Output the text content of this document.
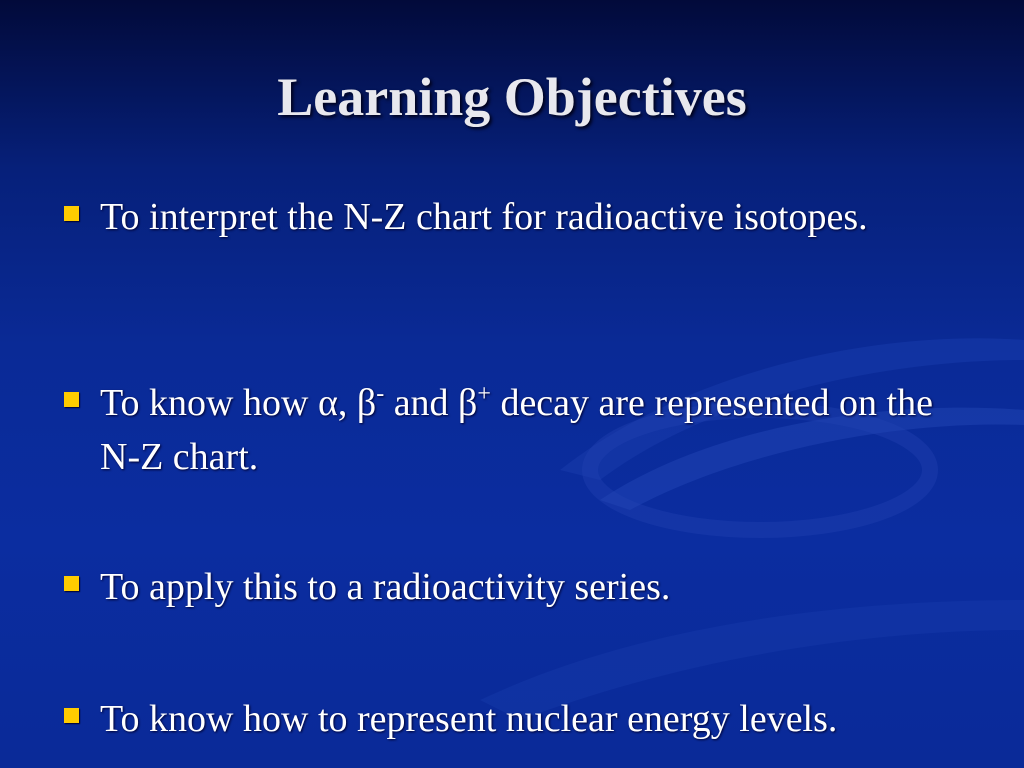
Learning Objectives
To interpret the N-Z chart for radioactive isotopes.
To know how α, β- and β+ decay are represented on the N-Z chart.
To apply this to a radioactivity series.
To know how to represent nuclear energy levels.
